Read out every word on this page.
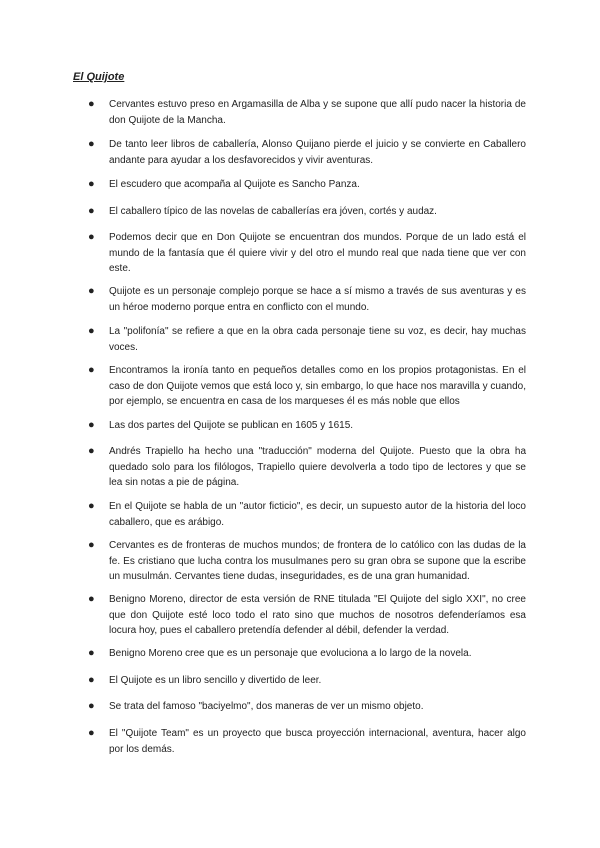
El Quijote
● Cervantes estuvo preso en Argamasilla de Alba y se supone que allí pudo nacer la historia de don Quijote de la Mancha.
● De tanto leer libros de caballería, Alonso Quijano pierde el juicio y se convierte en Caballero andante para ayudar a los desfavorecidos y vivir aventuras.
● El escudero que acompaña al Quijote es Sancho Panza.
● El caballero típico de las novelas de caballerías era jóven, cortés y audaz.
● Podemos decir que en Don Quijote se encuentran dos mundos. Porque de un lado está el mundo de la fantasía que él quiere vivir y del otro el mundo real que nada tiene que ver con este.
● Quijote es un personaje complejo porque se hace a sí mismo a través de sus aventuras y es un héroe moderno porque entra en conflicto con el mundo.
● La "polifonía" se refiere a que en la obra cada personaje tiene su voz, es decir, hay muchas voces.
● Encontramos la ironía tanto en pequeños detalles como en los propios protagonistas. En el caso de don Quijote vemos que está loco y, sin embargo, lo que hace nos maravilla y cuando, por ejemplo, se encuentra en casa de los marqueses él es más noble que ellos
● Las dos partes del Quijote se publican en 1605 y 1615.
● Andrés Trapiello ha hecho una "traducción" moderna del Quijote. Puesto que la obra ha quedado solo para los filólogos, Trapiello quiere devolverla a todo tipo de lectores y que se lea sin notas a pie de página.
● En el Quijote se habla de un "autor ficticio", es decir, un supuesto autor de la historia del loco caballero, que es arábigo.
● Cervantes es de fronteras de muchos mundos; de frontera de lo católico con las dudas de la fe. Es cristiano que lucha contra los musulmanes pero su gran obra se supone que la escribe un musulmán. Cervantes tiene dudas, inseguridades, es de una gran humanidad.
● Benigno Moreno, director de esta versión de RNE titulada "El Quijote del siglo XXI", no cree que don Quijote esté loco todo el rato sino que muchos de nosotros defenderíamos esa locura hoy, pues el caballero pretendía defender al débil, defender la verdad.
● Benigno Moreno cree que es un personaje que evoluciona a lo largo de la novela.
● El Quijote es un libro sencillo y divertido de leer.
● Se trata del famoso "baciyelmo", dos maneras de ver un mismo objeto.
● El "Quijote Team" es un proyecto que busca proyección internacional, aventura, hacer algo por los demás.
